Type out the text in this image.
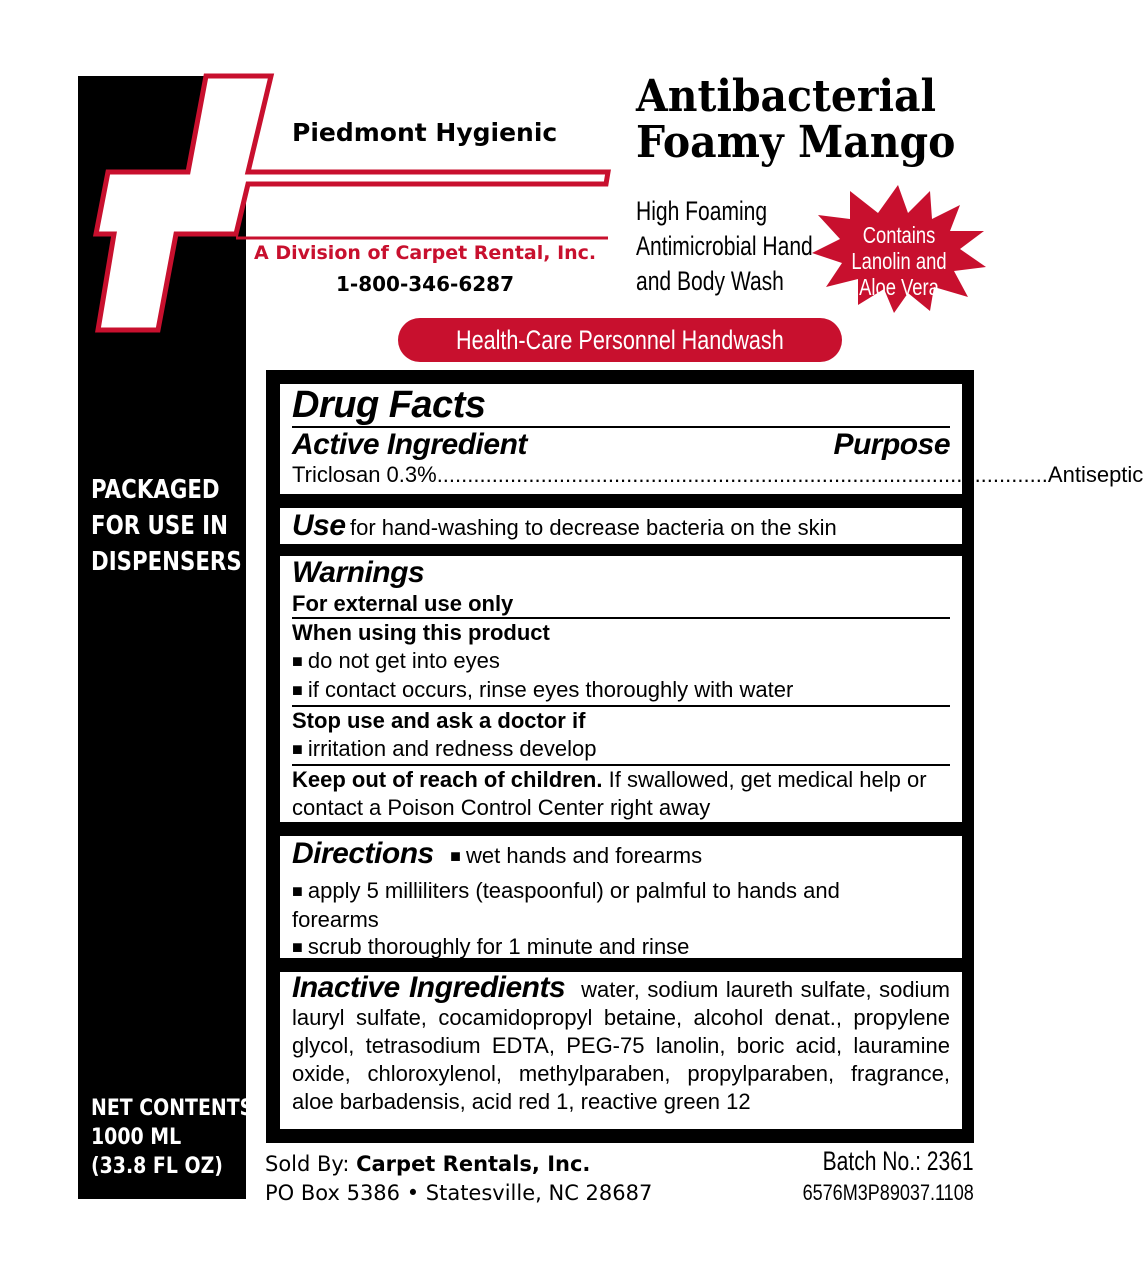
PACKAGED
FOR USE IN
DISPENSERS
NET CONTENTS:
1000 ML
(33.8 FL OZ)
Piedmont Hygienic
A Division of Carpet Rental, Inc.
1-800-346-6287
Antibacterial
Foamy Mango
High Foaming
Antimicrobial Hand
and Body Wash
Contains
Lanolin and
Aloe Vera
Health-Care Personnel Handwash
Drug Facts
Active Ingredient	Purpose
Triclosan 0.3% .................................................................................................... Antiseptic
Use for hand-washing to decrease bacteria on the skin
Warnings
For external use only
When using this product
■ do not get into eyes
■ if contact occurs, rinse eyes thoroughly with water
Stop use and ask a doctor if
■ irritation and redness develop
Keep out of reach of children. If swallowed, get medical help or contact a Poison Control Center right away
Directions ■ wet hands and forearms
■ apply 5 milliliters (teaspoonful) or palmful to hands and forearms
■ scrub thoroughly for 1 minute and rinse
Inactive Ingredients water, sodium laureth sulfate, sodium lauryl sulfate, cocamidopropyl betaine, alcohol denat., propylene glycol, tetrasodium EDTA, PEG-75 lanolin, boric acid, lauramine oxide, chloroxylenol, methylparaben, propylparaben, fragrance, aloe barbadensis, acid red 1, reactive green 12
Sold By: Carpet Rentals, Inc.
PO Box 5386 • Statesville, NC 28687
Batch No.: 2361
6576M3P89037.1108
